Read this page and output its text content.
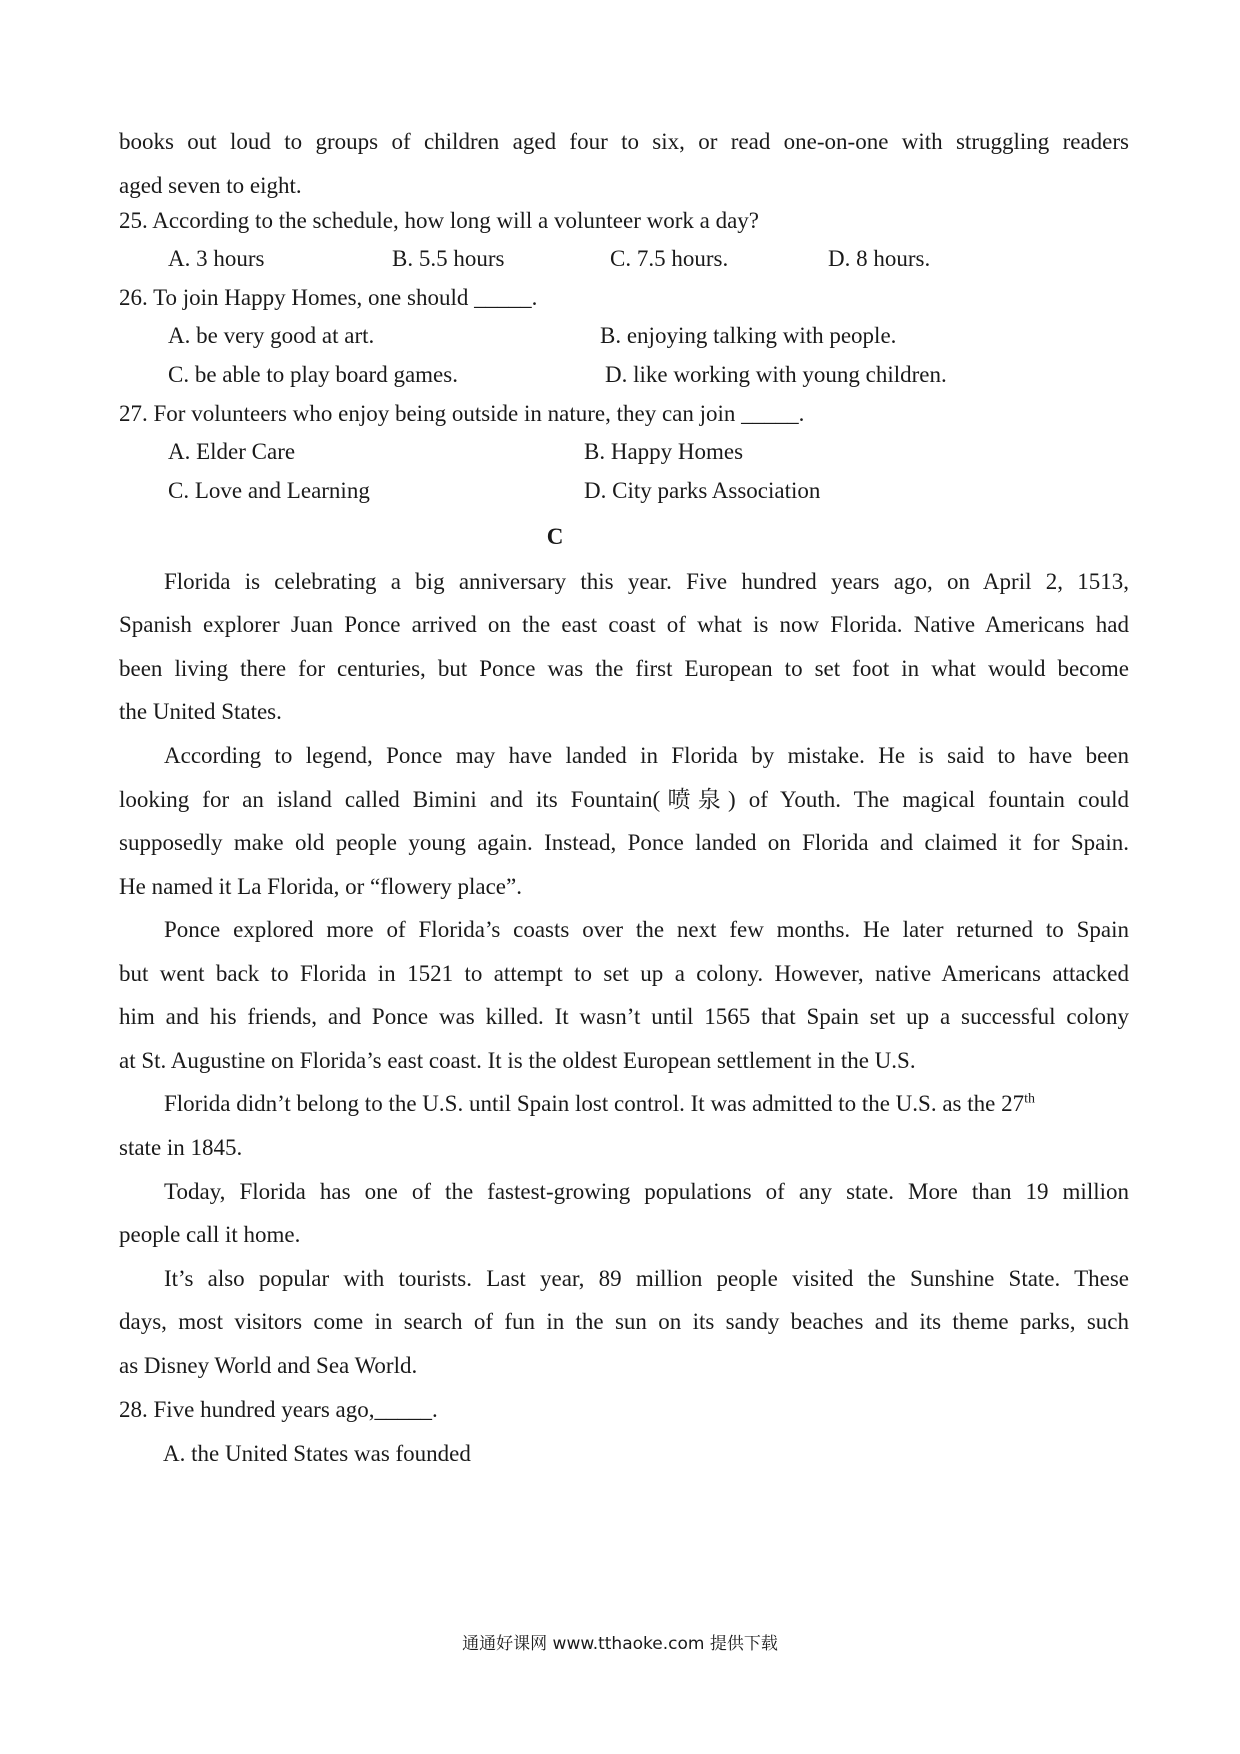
books out loud to groups of children aged four to six, or read one-on-one with struggling readers
aged seven to eight.
25. According to the schedule, how long will a volunteer work a day?
A. 3 hours	B. 5.5 hours	C. 7.5 hours.	D. 8 hours.
26. To join Happy Homes, one should _____.
A. be very good at art.	B. enjoying talking with people.
C. be able to play board games.	D. like working with young children.
27. For volunteers who enjoy being outside in nature, they can join _____.
A. Elder Care	B. Happy Homes
C. Love and Learning	D. City parks Association
C
Florida is celebrating a big anniversary this year. Five hundred years ago, on April 2, 1513,
Spanish explorer Juan Ponce arrived on the east coast of what is now Florida. Native Americans had
been living there for centuries, but Ponce was the first European to set foot in what would become
the United States.
According to legend, Ponce may have landed in Florida by mistake. He is said to have been
looking for an island called Bimini and its Fountain(喷泉) of Youth. The magical fountain could
supposedly make old people young again. Instead, Ponce landed on Florida and claimed it for Spain.
He named it La Florida, or “flowery place”.
Ponce explored more of Florida’s coasts over the next few months. He later returned to Spain
but went back to Florida in 1521 to attempt to set up a colony. However, native Americans attacked
him and his friends, and Ponce was killed. It wasn’t until 1565 that Spain set up a successful colony
at St. Augustine on Florida’s east coast. It is the oldest European settlement in the U.S.
Florida didn’t belong to the U.S. until Spain lost control. It was admitted to the U.S. as the 27th
state in 1845.
Today, Florida has one of the fastest-growing populations of any state. More than 19 million
people call it home.
It’s also popular with tourists. Last year, 89 million people visited the Sunshine State. These
days, most visitors come in search of fun in the sun on its sandy beaches and its theme parks, such
as Disney World and Sea World.
28. Five hundred years ago,_____.
A. the United States was founded
通通好课网 www.tthaoke.com 提供下载
